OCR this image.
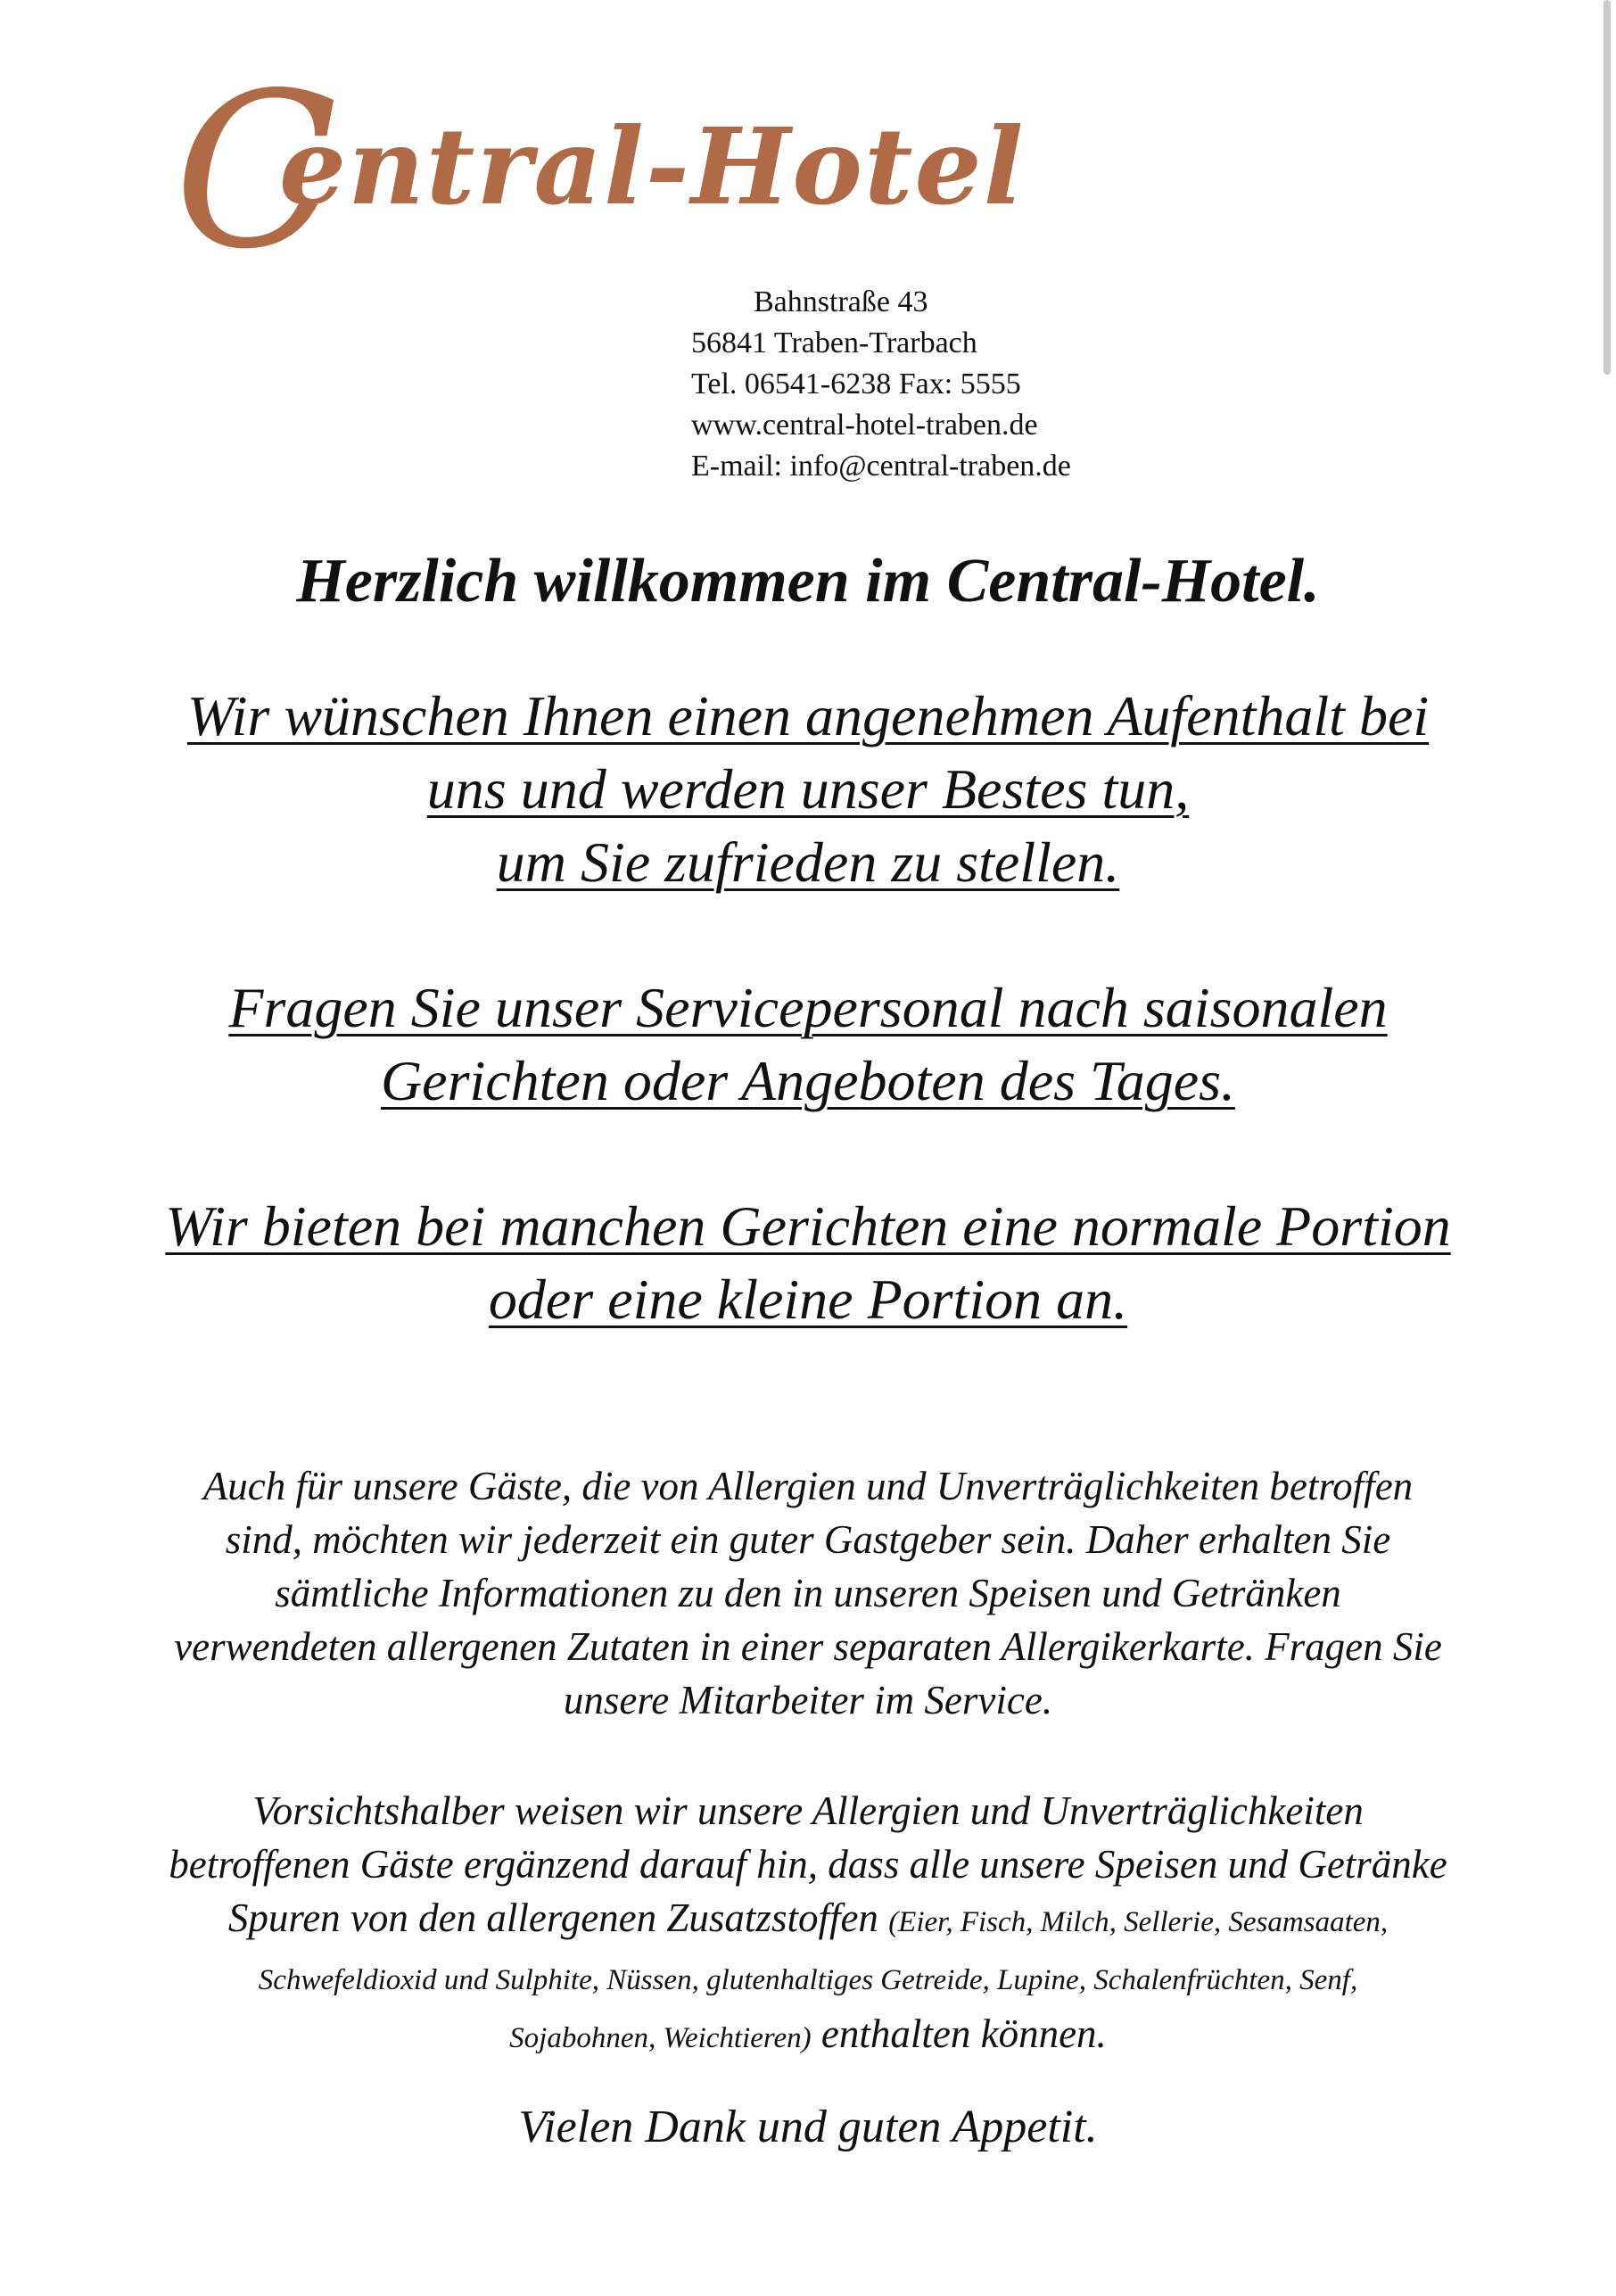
C
entral-Hotel
Bahnstraße 43
56841 Traben-Trarbach
Tel. 06541-6238 Fax: 5555
www.central-hotel-traben.de
E-mail: info@central-traben.de
Herzlich willkommen im Central-Hotel.
Wir wünschen Ihnen einen angenehmen Aufenthalt bei
uns und werden unser Bestes tun,
um Sie zufrieden zu stellen.
Fragen Sie unser Servicepersonal nach saisonalen
Gerichten oder Angeboten des Tages.
Wir bieten bei manchen Gerichten eine normale Portion
oder eine kleine Portion an.
Auch für unsere Gäste, die von Allergien und Unverträglichkeiten betroffen
sind, möchten wir jederzeit ein guter Gastgeber sein. Daher erhalten Sie
sämtliche Informationen zu den in unseren Speisen und Getränken
verwendeten allergenen Zutaten in einer separaten Allergikerkarte. Fragen Sie
unsere Mitarbeiter im Service.
Vorsichtshalber weisen wir unsere Allergien und Unverträglichkeiten
betroffenen Gäste ergänzend darauf hin, dass alle unsere Speisen und Getränke
Spuren von den allergenen Zusatzstoffen (Eier, Fisch, Milch, Sellerie, Sesamsaaten,
Schwefeldioxid und Sulphite, Nüssen, glutenhaltiges Getreide, Lupine, Schalenfrüchten, Senf,
Sojabohnen, Weichtieren) enthalten können.
Vielen Dank und guten Appetit.
